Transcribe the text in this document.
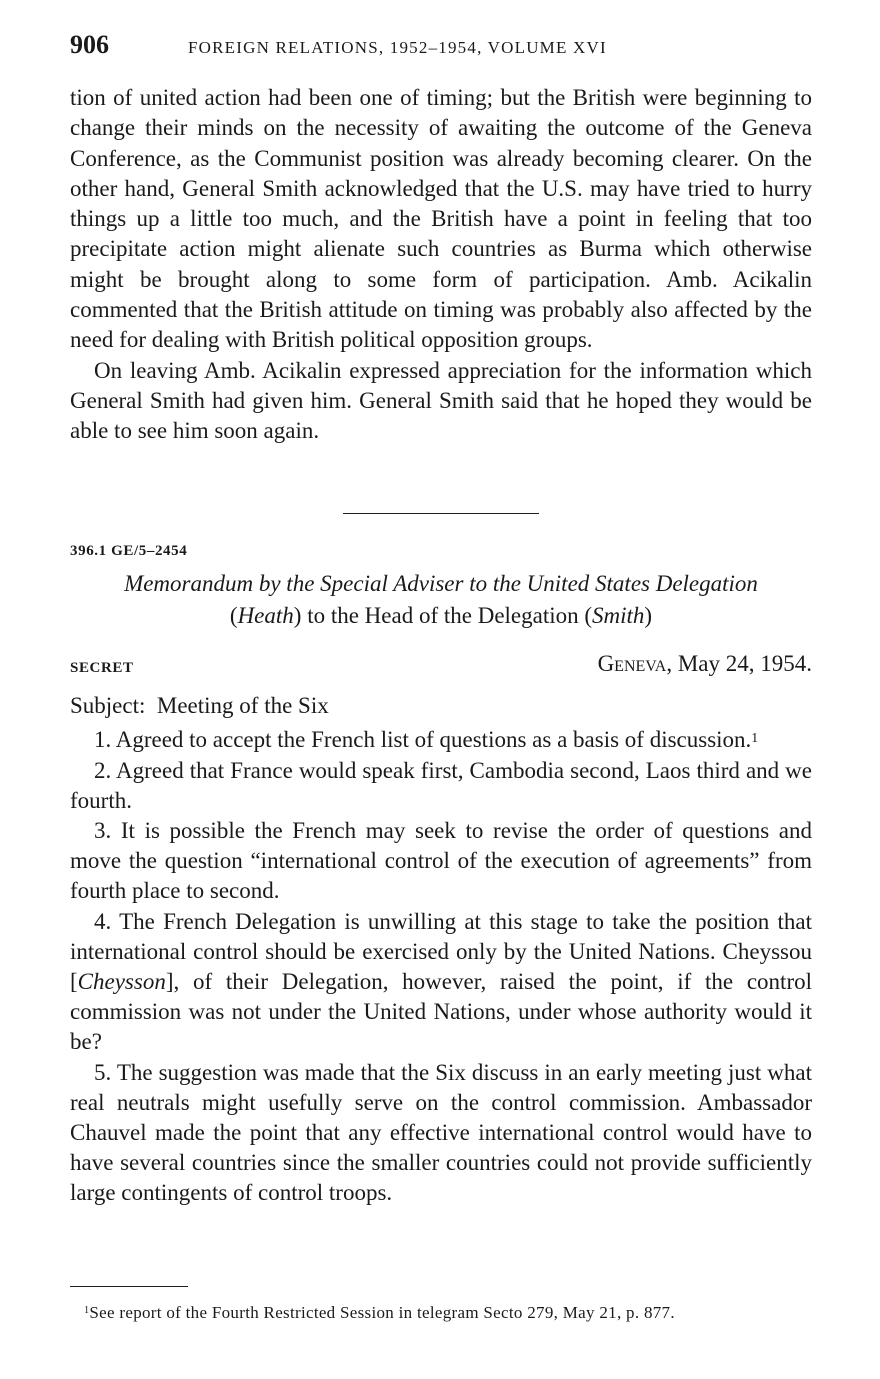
906	FOREIGN RELATIONS, 1952–1954, VOLUME XVI

tion of united action had been one of timing; but the British were beginning to change their minds on the necessity of awaiting the outcome of the Geneva Conference, as the Communist position was already becoming clearer. On the other hand, General Smith acknowledged that the U.S. may have tried to hurry things up a little too much, and the British have a point in feeling that too precipitate action might alienate such countries as Burma which otherwise might be brought along to some form of participation. Amb. Acikalin commented that the British attitude on timing was probably also affected by the need for dealing with British political opposition groups.

On leaving Amb. Acikalin expressed appreciation for the information which General Smith had given him. General Smith said that he hoped they would be able to see him soon again.

396.1 GE/5–2454
Memorandum by the Special Adviser to the United States Delegation
(Heath) to the Head of the Delegation (Smith)
SECRET	Geneva, May 24, 1954.

Subject: Meeting of the Six

1. Agreed to accept the French list of questions as a basis of discussion.$^1$

2. Agreed that France would speak first, Cambodia second, Laos third and we fourth.

3. It is possible the French may seek to revise the order of questions and move the question “international control of the execution of agreements” from fourth place to second.

4. The French Delegation is unwilling at this stage to take the position that international control should be exercised only by the United Nations. Cheyssou [Cheysson], of their Delegation, however, raised the point, if the control commission was not under the United Nations, under whose authority would it be?

5. The suggestion was made that the Six discuss in an early meeting just what real neutrals might usefully serve on the control commission. Ambassador Chauvel made the point that any effective international control would have to have several countries since the smaller countries could not provide sufficiently large contingents of control troops.

$^1$See report of the Fourth Restricted Session in telegram Secto 279, May 21, p. 877.
